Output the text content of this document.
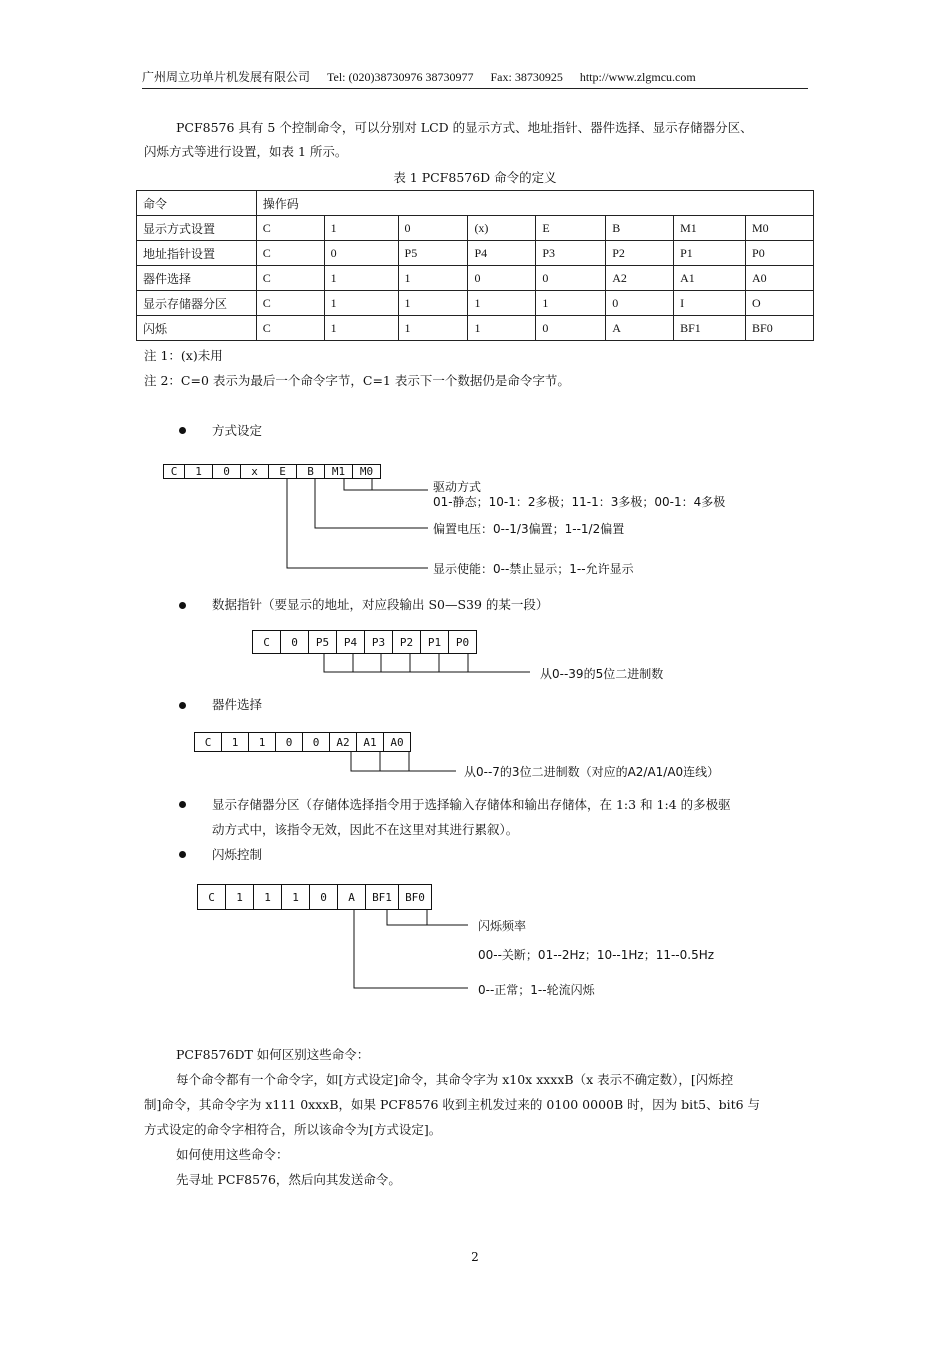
广州周立功单片机发展有限公司 Tel: (020)38730976 38730977 Fax: 38730925 http://www.zlgmcu.com
PCF8576 具有 5 个控制命令，可以分别对 LCD 的显示方式、地址指针、器件选择、显示存储器分区、
闪烁方式等进行设置，如表 1 所示。
表 1 PCF8576D 命令的定义
命令	操作码							
显示方式设置	C	1	0	(x)	E	B	M1	M0
地址指针设置	C	0	P5	P4	P3	P2	P1	P0
器件选择	C	1	1	0	0	A2	A1	A0
显示存储器分区	C	1	1	1	1	0	I	O
闪烁	C	1	1	1	0	A	BF1	BF0
注 1：(x)未用
注 2：C=0 表示为最后一个命令字节，C=1 表示下一个数据仍是命令字节。
方式设定
C	1	0	x	E	B	M1	M0
驱动方式
01-静态；10-1：2多极；11-1：3多极；00-1：4多极
偏置电压：0--1/3偏置；1--1/2偏置
显示使能：0--禁止显示；1--允许显示
数据指针（要显示的地址，对应段输出 S0—S39 的某一段）
C	0	P5	P4	P3	P2	P1	P0
从0--39的5位二进制数
器件选择
C	1	1	0	0	A2	A1	A0
从0--7的3位二进制数（对应的A2/A1/A0连线）
显示存储器分区（存储体选择指令用于选择输入存储体和输出存储体，在 1:3 和 1:4 的多极驱
动方式中，该指令无效，因此不在这里对其进行累叙）。
闪烁控制
C	1	1	1	0	A	BF1	BF0
闪烁频率
00--关断；01--2Hz；10--1Hz；11--0.5Hz
0--正常；1--轮流闪烁
PCF8576DT 如何区别这些命令：
每个命令都有一个命令字，如[方式设定]命令，其命令字为 x10x xxxxB（x 表示不确定数），[闪烁控
制]命令，其命令字为 x111 0xxxB，如果 PCF8576 收到主机发过来的 0100 0000B 时，因为 bit5、bit6 与
方式设定的命令字相符合，所以该命令为[方式设定]。
如何使用这些命令：
先寻址 PCF8576，然后向其发送命令。
2
